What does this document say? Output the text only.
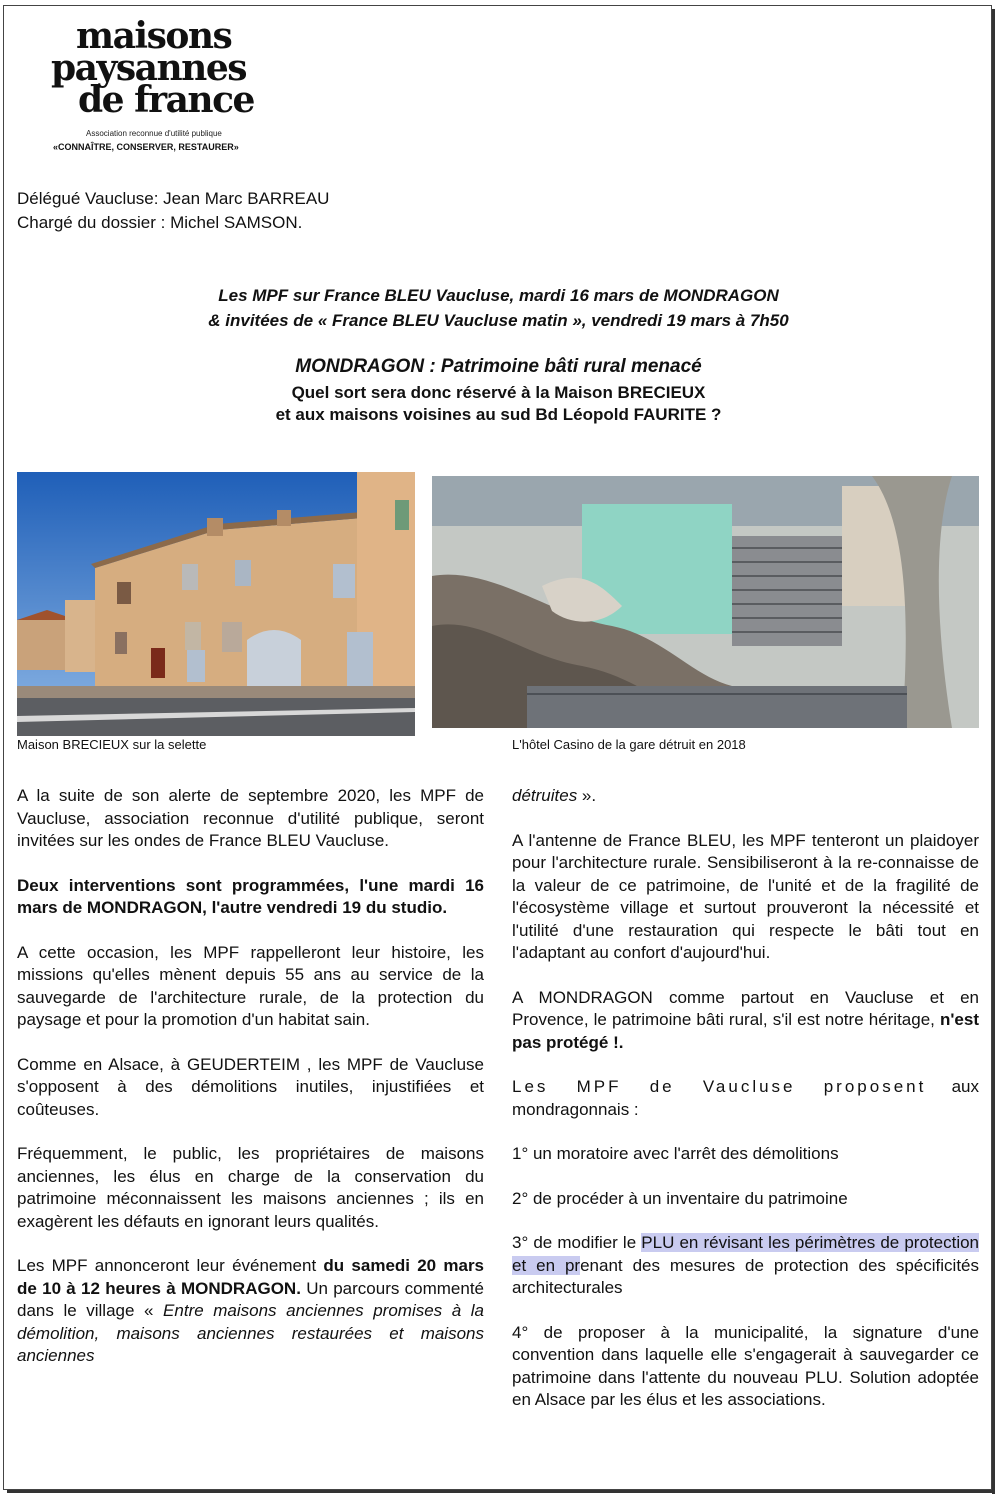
maisons
paysannes
de france
Association reconnue d'utilité publique
«CONNAÎTRE, CONSERVER, RESTAURER»
Délégué Vaucluse: Jean Marc BARREAU
Chargé du dossier : Michel SAMSON.
Les MPF sur France BLEU Vaucluse, mardi 16 mars de MONDRAGON
& invitées de « France BLEU Vaucluse matin », vendredi 19 mars à 7h50
MONDRAGON : Patrimoine bâti rural menacé
Quel sort sera donc réservé à la Maison BRECIEUX
et aux maisons voisines au sud Bd Léopold FAURITE ?
Maison BRECIEUX sur la selette	L'hôtel Casino de la gare détruit en 2018

A la suite de son alerte de septembre 2020, les MPF de Vaucluse, association reconnue d'utilité publique, seront invitées sur les ondes de France BLEU Vaucluse.

Deux interventions sont programmées, l'une mardi 16 mars de MONDRAGON, l'autre vendredi 19 du studio.

A cette occasion, les MPF rappelleront leur histoire, les missions qu'elles mènent depuis 55 ans au service de la sauvegarde de l'architecture rurale, de la protection du paysage et pour la promotion d'un habitat sain.

Comme en Alsace, à GEUDERTEIM , les MPF de Vaucluse s'opposent à des démolitions inutiles, injustifiées et coûteuses.

Fréquemment, le public, les propriétaires de maisons anciennes, les élus en charge de la conservation du patrimoine méconnaissent les maisons anciennes ; ils en exagèrent les défauts en ignorant leurs qualités.

Les MPF annonceront leur événement du samedi 20 mars de 10 à 12 heures à MONDRAGON. Un parcours commenté dans le village « Entre maisons anciennes promises à la démolition, maisons anciennes restaurées et maisons anciennes

détruites ».

A l'antenne de France BLEU, les MPF tenteront un plaidoyer pour l'architecture rurale. Sensibiliseront à la re-connaisse de la valeur de ce patrimoine, de l'unité et de la fragilité de l'écosystème village et surtout prouveront la nécessité et l'utilité d'une restauration qui respecte le bâti tout en l'adaptant au confort d'aujourd'hui.

A MONDRAGON comme partout en Vaucluse et en Provence, le patrimoine bâti rural, s'il est notre héritage, n'est pas protégé !.

Les MPF de Vaucluse proposent aux mondragonnais :

1° un moratoire avec l'arrêt des démolitions

2° de procéder à un inventaire du patrimoine

3° de modifier le PLU en révisant les périmètres de protection et en prenant des mesures de protection des spécificités architecturales

4° de proposer à la municipalité, la signature d'une convention dans laquelle elle s'engagerait à sauvegarder ce patrimoine dans l'attente du nouveau PLU. Solution adoptée en Alsace par les élus et les associations.
